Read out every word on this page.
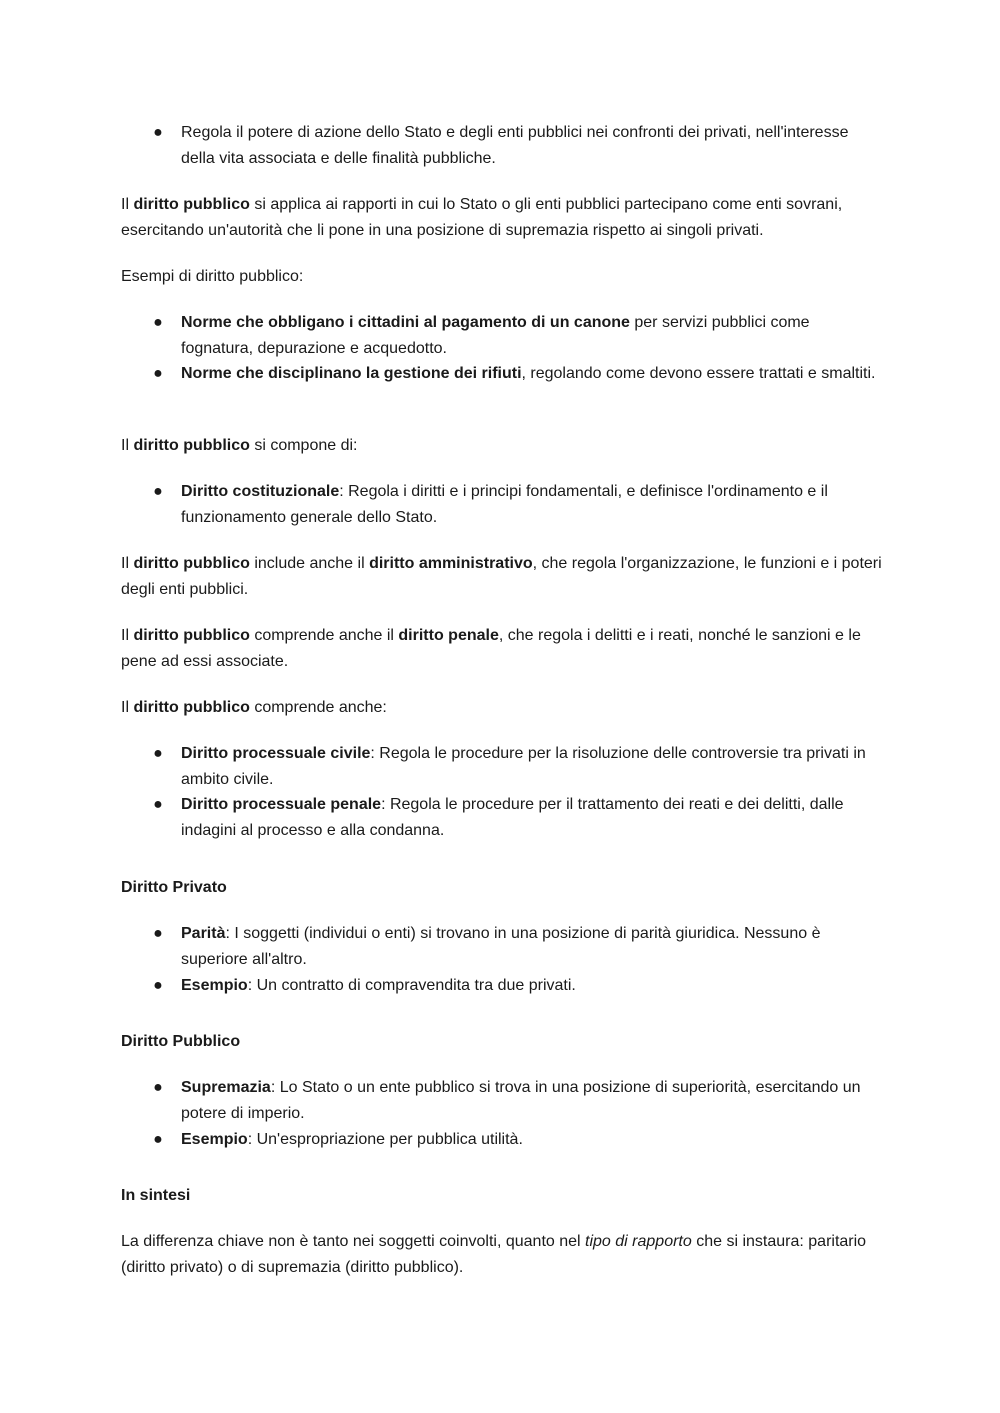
● Regola il potere di azione dello Stato e degli enti pubblici nei confronti dei privati, nell'interesse della vita associata e delle finalità pubbliche.

Il diritto pubblico si applica ai rapporti in cui lo Stato o gli enti pubblici partecipano come enti sovrani, esercitando un'autorità che li pone in una posizione di supremazia rispetto ai singoli privati.

Esempi di diritto pubblico:

● Norme che obbligano i cittadini al pagamento di un canone per servizi pubblici come fognatura, depurazione e acquedotto.
● Norme che disciplinano la gestione dei rifiuti, regolando come devono essere trattati e smaltiti.

Il diritto pubblico si compone di:

● Diritto costituzionale: Regola i diritti e i principi fondamentali, e definisce l'ordinamento e il funzionamento generale dello Stato.

Il diritto pubblico include anche il diritto amministrativo, che regola l'organizzazione, le funzioni e i poteri degli enti pubblici.

Il diritto pubblico comprende anche il diritto penale, che regola i delitti e i reati, nonché le sanzioni e le pene ad essi associate.

Il diritto pubblico comprende anche:

● Diritto processuale civile: Regola le procedure per la risoluzione delle controversie tra privati in ambito civile.
● Diritto processuale penale: Regola le procedure per il trattamento dei reati e dei delitti, dalle indagini al processo e alla condanna.
Diritto Privato
● Parità: I soggetti (individui o enti) si trovano in una posizione di parità giuridica. Nessuno è superiore all'altro.
● Esempio: Un contratto di compravendita tra due privati.
Diritto Pubblico
● Supremazia: Lo Stato o un ente pubblico si trova in una posizione di superiorità, esercitando un potere di imperio.
● Esempio: Un'espropriazione per pubblica utilità.
In sintesi

La differenza chiave non è tanto nei soggetti coinvolti, quanto nel tipo di rapporto che si instaura: paritario (diritto privato) o di supremazia (diritto pubblico).
